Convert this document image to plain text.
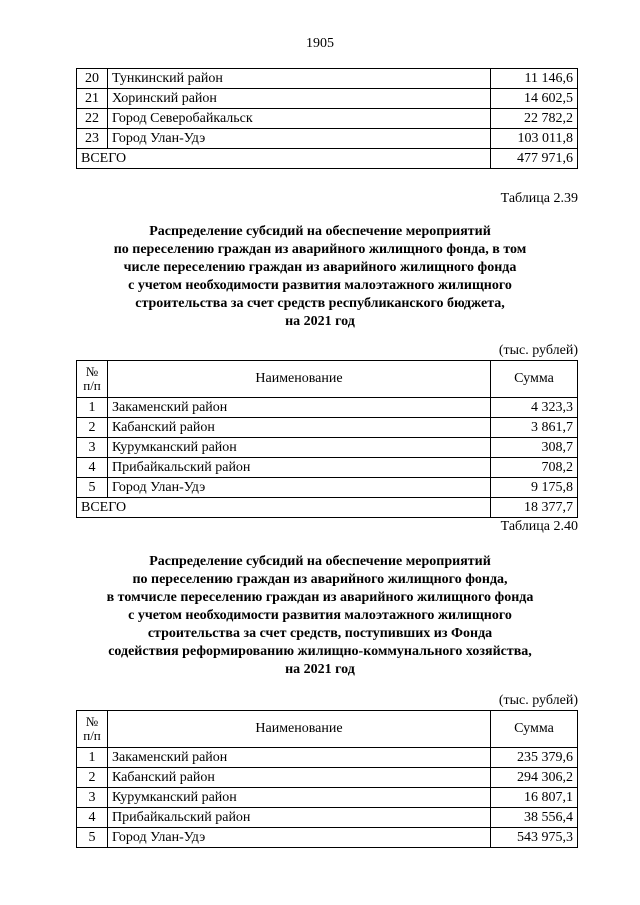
1905
20	Тункинский район	11 146,6
21	Хоринский район	14 602,5
22	Город Северобайкальск	22 782,2
23	Город Улан-Удэ	103 011,8
ВСЕГО		477 971,6
Таблица 2.39
Распределение субсидий на обеспечение мероприятий
по переселению граждан из аварийного жилищного фонда, в том
числе переселению граждан из аварийного жилищного фонда
с учетом необходимости развития малоэтажного жилищного
строительства за счет средств республиканского бюджета,
на 2021 год
(тыс. рублей)
№
п/п	Наименование	Сумма
1	Закаменский район	4 323,3
2	Кабанский район	3 861,7
3	Курумканский район	308,7
4	Прибайкальский район	708,2
5	Город Улан-Удэ	9 175,8
ВСЕГО		18 377,7
Таблица 2.40
Распределение субсидий на обеспечение мероприятий
по переселению граждан из аварийного жилищного фонда,
в томчисле переселению граждан из аварийного жилищного фонда
с учетом необходимости развития малоэтажного жилищного
строительства за счет средств, поступивших из Фонда
содействия реформированию жилищно-коммунального хозяйства,
на 2021 год
(тыс. рублей)
№
п/п	Наименование	Сумма
1	Закаменский район	235 379,6
2	Кабанский район	294 306,2
3	Курумканский район	16 807,1
4	Прибайкальский район	38 556,4
5	Город Улан-Удэ	543 975,3
